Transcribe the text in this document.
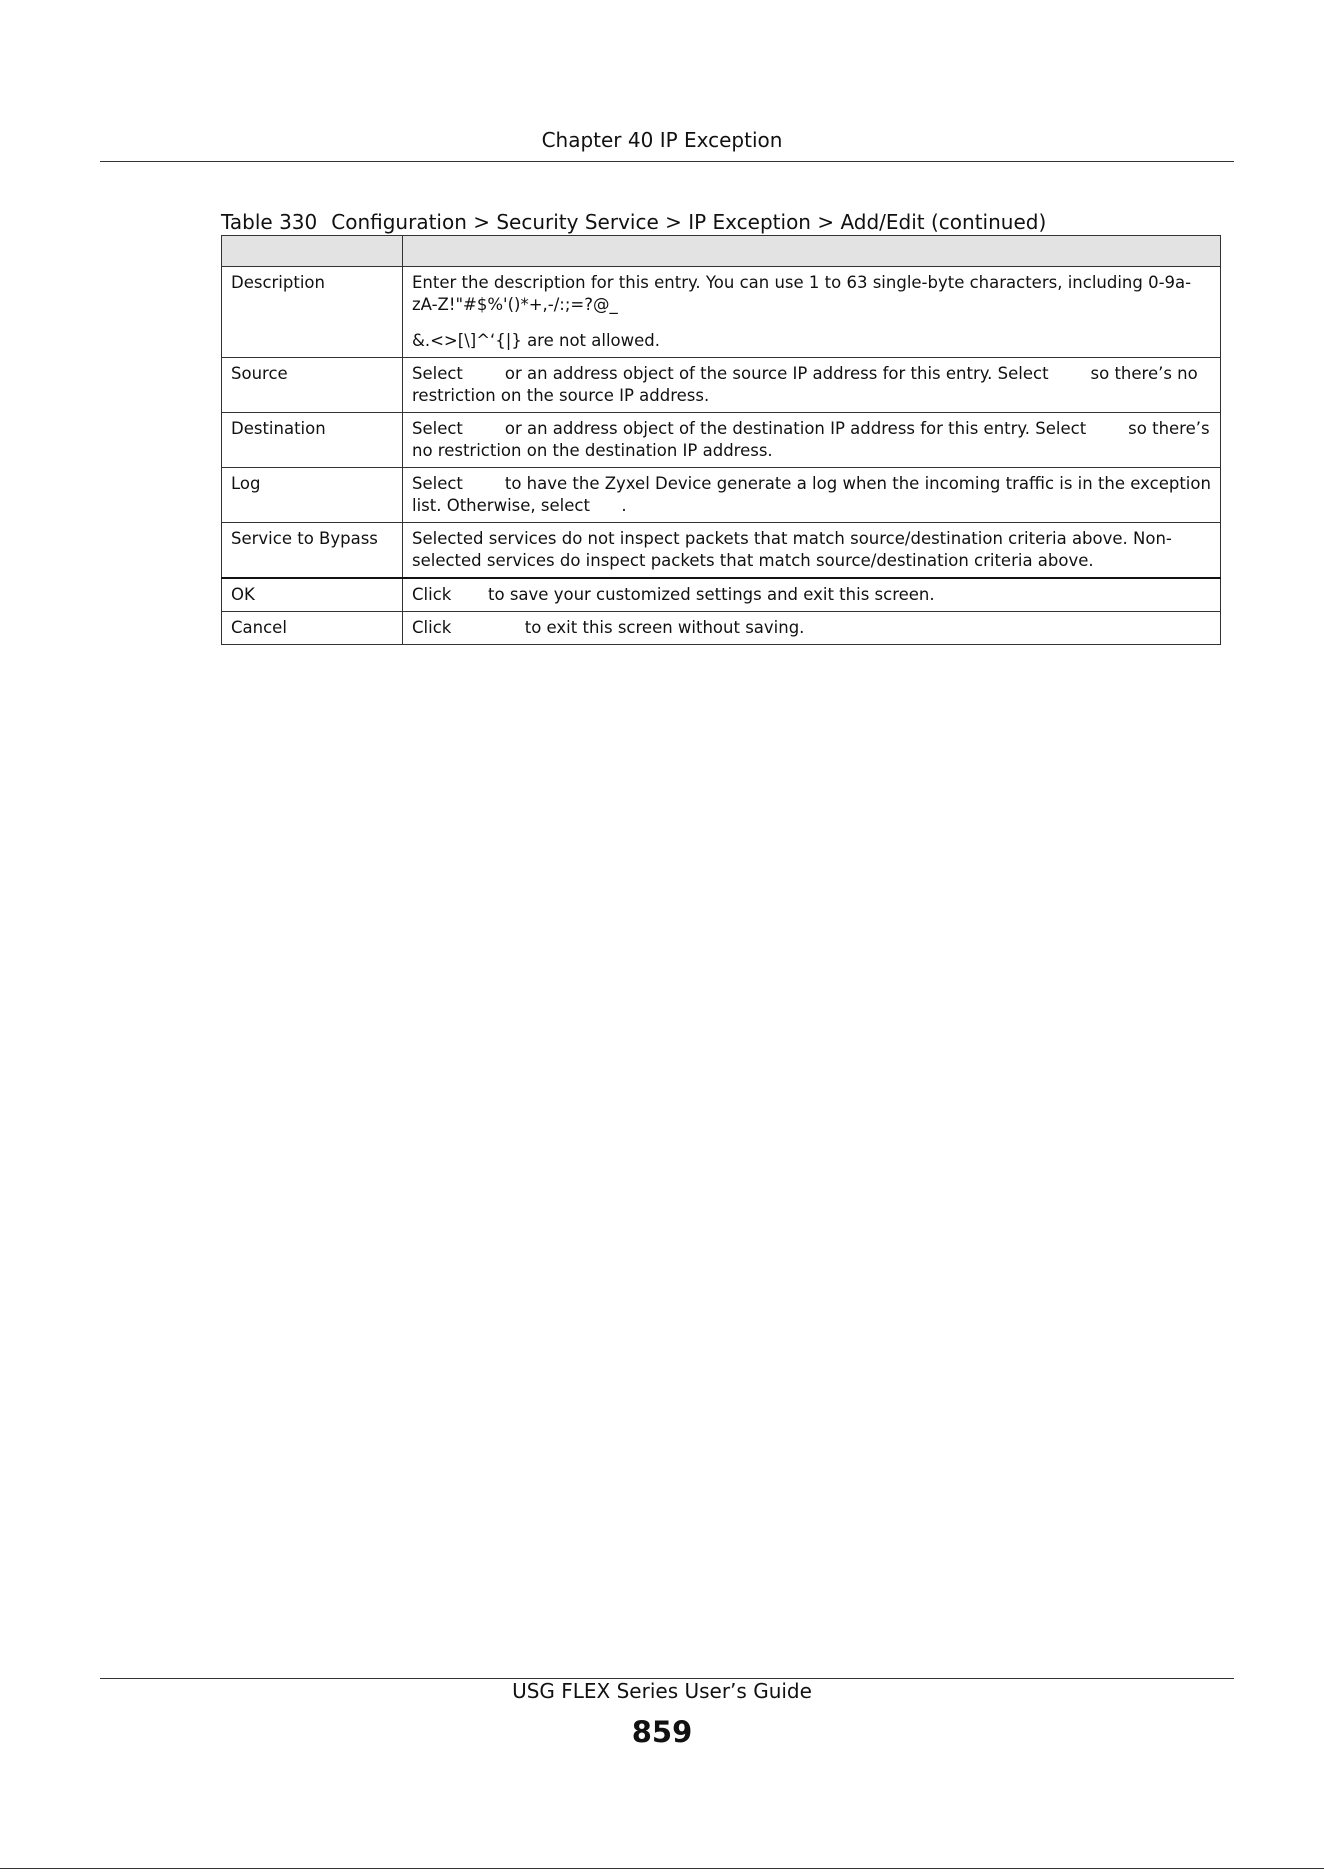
Chapter 40 IP Exception
Table 330 Configuration > Security Service > IP Exception > Add/Edit (continued)

Description	Enter the description for this entry. You can use 1 to 63 single-byte characters, including 0-9a-zA-Z!"#$%'()*+,-/:;=?@_

&.<>[\]^‘{|} are not allowed.

Source	Select        or an address object of the source IP address for this entry. Select        so there’s no restriction on the source IP address.

Destination	Select        or an address object of the destination IP address for this entry. Select        so there’s no restriction on the destination IP address.

Log	Select        to have the Zyxel Device generate a log when the incoming traffic is in the exception list. Otherwise, select      .

Service to Bypass	Selected services do not inspect packets that match source/destination criteria above. Non-selected services do inspect packets that match source/destination criteria above.

OK	Click       to save your customized settings and exit this screen.

Cancel	Click              to exit this screen without saving.

USG FLEX Series User’s Guide
859
